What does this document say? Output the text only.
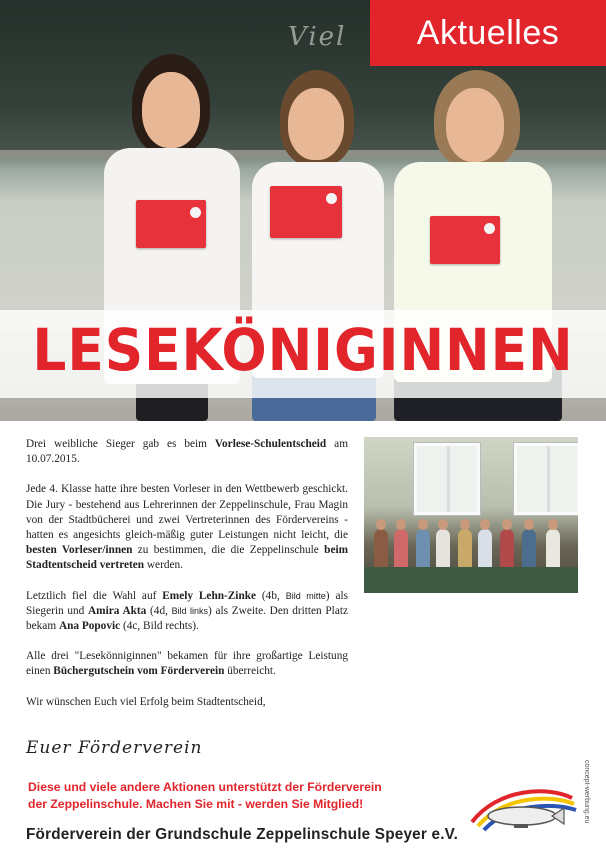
Viel	Aktuelles
LESEKÖNIGINNEN

Drei weibliche Sieger gab es beim Vorlese-Schulentscheid am 10.07.2015.

Jede 4. Klasse hatte ihre besten Vorleser in den Wettbewerb geschickt. Die Jury - bestehend aus Lehrerinnen der Zeppelinschule, Frau Magin von der Stadtbücherei und zwei Vertreterinnen des Fördervereins - hatten es angesichts gleich-mäßig guter Leistungen nicht leicht, die besten Vorleser/innen zu bestimmen, die die Zeppelinschule beim Stadtentscheid vertreten werden.

Letztlich fiel die Wahl auf Emely Lehn-Zinke (4b, Bild mitte) als Siegerin und Amira Akta (4d, Bild links) als Zweite. Den dritten Platz bekam Ana Popovic (4c, Bild rechts).

Alle drei "Lesekönniginnen" bekamen für ihre großartige Leistung einen Büchergutschein vom Förderverein überreicht.

Wir wünschen Euch viel Erfolg beim Stadtentscheid,

Euer Förderverein
Diese und viele andere Aktionen unterstützt der Förderverein
der Zeppelinschule. Machen Sie mit - werden Sie Mitglied!	concept-werbung.eu
Förderverein der Grundschule Zeppelinschule Speyer e.V.
